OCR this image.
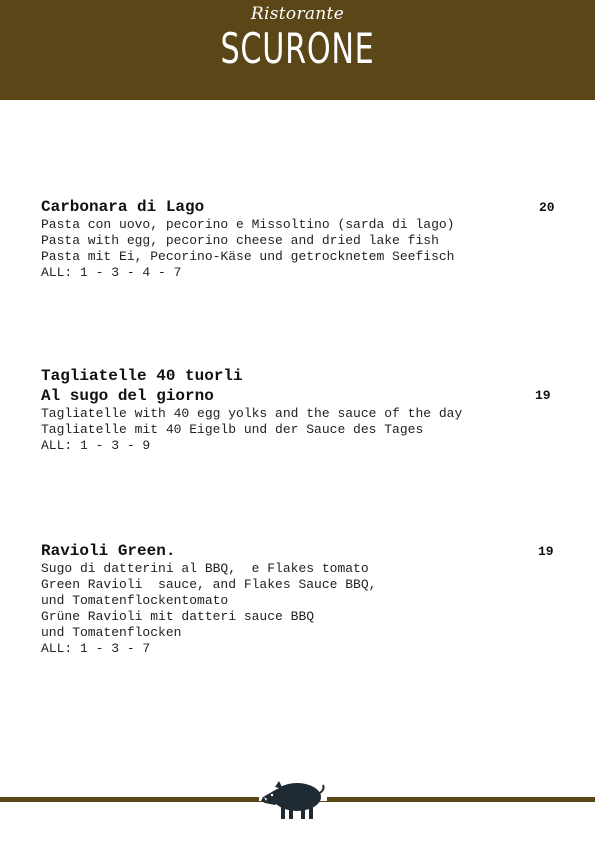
Ristorante
SCURONE
Carbonara di Lago
Pasta con uovo, pecorino e Missoltino (sarda di lago)
Pasta with egg, pecorino cheese and dried lake fish
Pasta mit Ei, Pecorino-Käse und getrocknetem Seefisch
ALL: 1 - 3 - 4 - 7
20
Tagliatelle 40 tuorli
Al sugo del giorno
Tagliatelle with 40 egg yolks and the sauce of the day
Tagliatelle mit 40 Eigelb und der Sauce des Tages
ALL: 1 - 3 - 9
19
Ravioli Green.
Sugo di datterini al BBQ,  e Flakes tomato
Green Ravioli  sauce, and Flakes Sauce BBQ,
und Tomatenflockentomato
Grüne Ravioli mit datteri sauce BBQ
und Tomatenflocken
ALL: 1 - 3 - 7
19
